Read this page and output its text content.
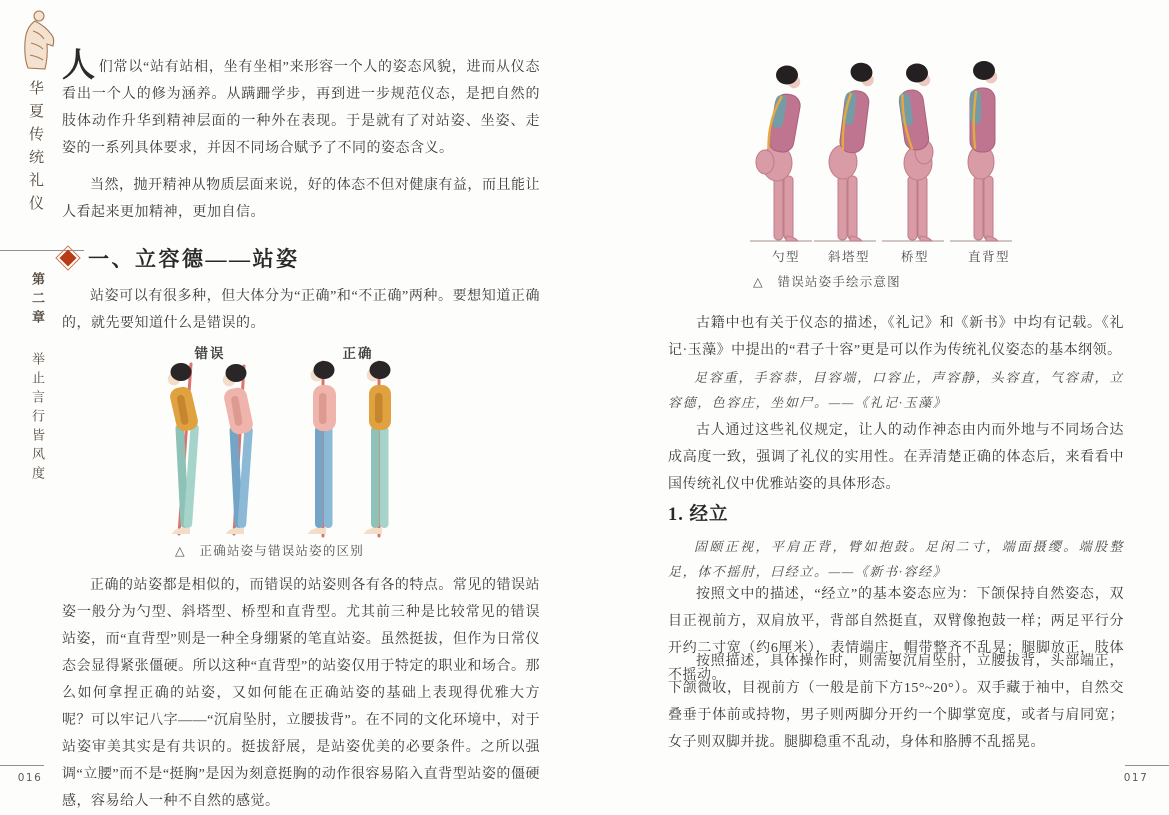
华夏传统礼仪
第二章
举止言行皆风度
016	017

人们常以“站有站相，坐有坐相”来形容一个人的姿态风貌，进而从仪态看出一个人的修为涵养。从蹒跚学步，再到进一步规范仪态，是把自然的肢体动作升华到精神层面的一种外在表现。于是就有了对站姿、坐姿、走姿的一系列具体要求，并因不同场合赋予了不同的姿态含义。

当然，抛开精神从物质层面来说，好的体态不但对健康有益，而且能让人看起来更加精神，更加自信。

一、立容德——站姿

站姿可以有很多种，但大体分为“正确”和“不正确”两种。要想知道正确的，就先要知道什么是错误的。

错误	正确
△　正确站姿与错误站姿的区别

正确的站姿都是相似的，而错误的站姿则各有各的特点。常见的错误站姿一般分为勺型、斜塔型、桥型和直背型。尤其前三种是比较常见的错误站姿，而“直背型”则是一种全身绷紧的笔直站姿。虽然挺拔，但作为日常仪态会显得紧张僵硬。所以这种“直背型”的站姿仅用于特定的职业和场合。那么如何拿捏正确的站姿，又如何能在正确站姿的基础上表现得优雅大方呢？可以牢记八字——“沉肩坠肘，立腰拔背”。在不同的文化环境中，对于站姿审美其实是有共识的。挺拔舒展，是站姿优美的必要条件。之所以强调“立腰”而不是“挺胸”是因为刻意挺胸的动作很容易陷入直背型站姿的僵硬感，容易给人一种不自然的感觉。

勺型	斜塔型	桥型	直背型
△　错误站姿手绘示意图

古籍中也有关于仪态的描述，《礼记》和《新书》中均有记载。《礼记·玉藻》中提出的“君子十容”更是可以作为传统礼仪姿态的基本纲领。

足容重，手容恭，目容端，口容止，声容静，头容直，气容肃，立容德，色容庄，坐如尸。——《礼记·玉藻》

古人通过这些礼仪规定，让人的动作神态由内而外地与不同场合达成高度一致，强调了礼仪的实用性。在弄清楚正确的体态后，来看看中国传统礼仪中优雅站姿的具体形态。

1. 经立

固颐正视，平肩正背，臂如抱鼓。足闲二寸，端面摄缨。端股整足，体不摇肘，曰经立。——《新书·容经》

按照文中的描述，“经立”的基本姿态应为：下颌保持自然姿态，双目正视前方，双肩放平，背部自然挺直，双臂像抱鼓一样；两足平行分开约二寸宽（约6厘米），表情端庄，帽带整齐不乱晃；腿脚放正，肢体不摇动。

按照描述，具体操作时，则需要沉肩坠肘，立腰拔背，头部端正，下颌微收，目视前方（一般是前下方15°~20°）。双手藏于袖中，自然交叠垂于体前或持物，男子则两脚分开约一个脚掌宽度，或者与肩同宽；女子则双脚并拢。腿脚稳重不乱动，身体和胳膊不乱摇晃。
